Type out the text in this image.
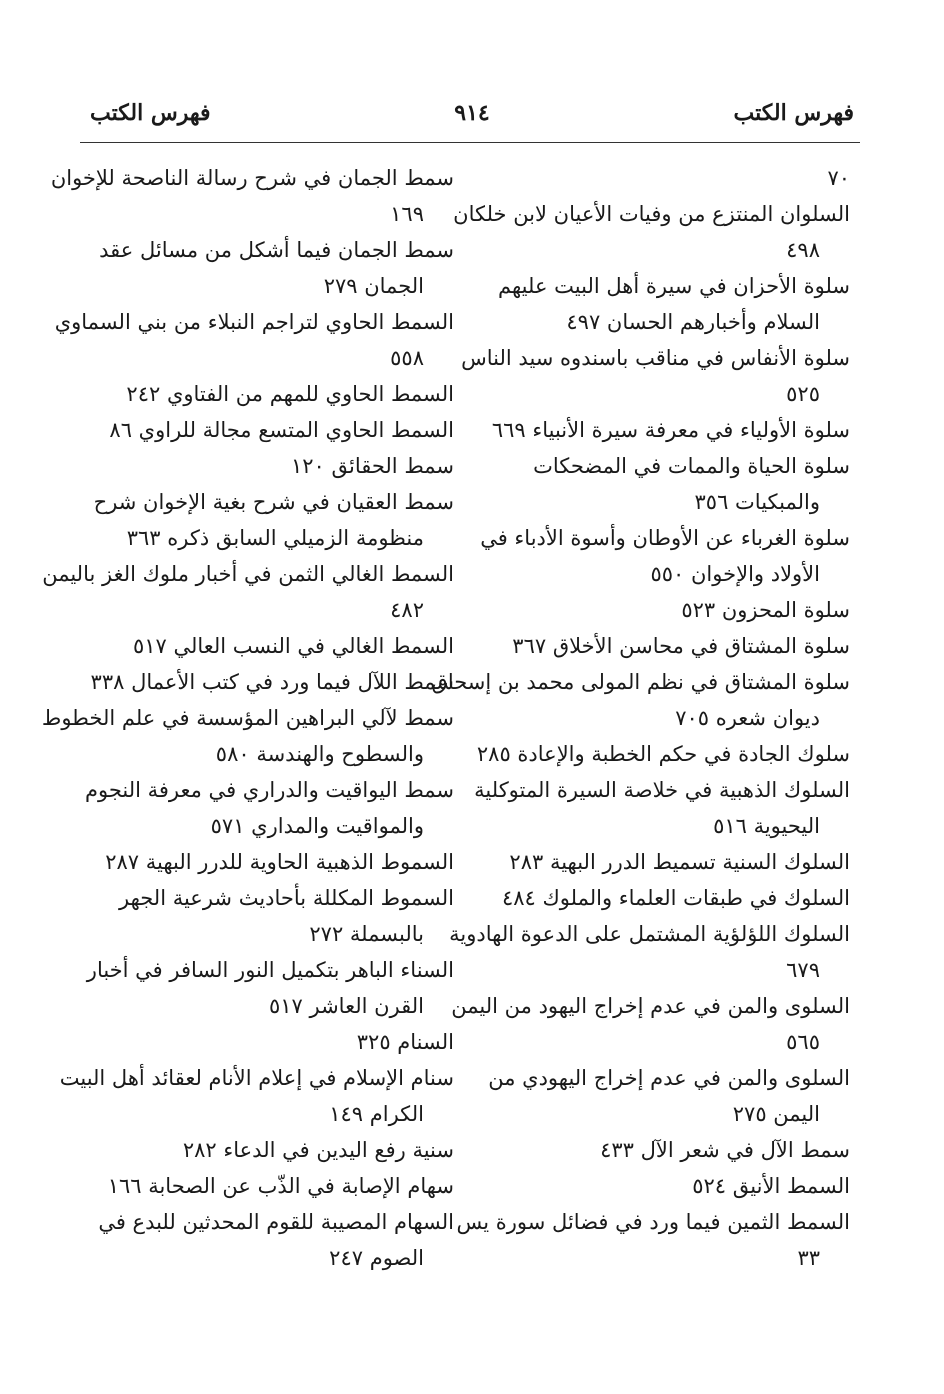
فهرس الكتب
٩١٤
فهرس الكتب
٧٠
السلوان المنتزع من وفيات الأعيان لابن خلكان
٤٩٨
سلوة الأحزان في سيرة أهل البيت عليهم
السلام وأخبارهم الحسان ٤٩٧
سلوة الأنفاس في مناقب باسندوه سيد الناس
٥٢٥
سلوة الأولياء في معرفة سيرة الأنبياء ٦٦٩
سلوة الحياة والممات في المضحكات
والمبكيات ٣٥٦
سلوة الغرباء عن الأوطان وأسوة الأدباء في
الأولاد والإخوان ٥٥٠
سلوة المحزون ٥٢٣
سلوة المشتاق في محاسن الأخلاق ٣٦٧
سلوة المشتاق في نظم المولى محمد بن إسحاق
ديوان شعره ٧٠٥
سلوك الجادة في حكم الخطبة والإعادة ٢٨٥
السلوك الذهبية في خلاصة السيرة المتوكلية
اليحيوية ٥١٦
السلوك السنية تسميط الدرر البهية ٢٨٣
السلوك في طبقات العلماء والملوك ٤٨٤
السلوك اللؤلؤية المشتمل على الدعوة الهادوية
٦٧٩
السلوى والمن في عدم إخراج اليهود من اليمن
٥٦٥
السلوى والمن في عدم إخراج اليهودي من
اليمن ٢٧٥
سمط الآل في شعر الآل ٤٣٣
السمط الأنيق ٥٢٤
السمط الثمين فيما ورد في فضائل سورة يس
٣٣
سمط الجمان في شرح رسالة الناصحة للإخوان
١٦٩
سمط الجمان فيما أشكل من مسائل عقد
الجمان ٢٧٩
السمط الحاوي لتراجم النبلاء من بني السماوي
٥٥٨
السمط الحاوي للمهم من الفتاوي ٢٤٢
السمط الحاوي المتسع مجالة للراوي ٨٦
سمط الحقائق ١٢٠
سمط العقيان في شرح بغية الإخوان شرح
منظومة الزميلي السابق ذكره ٣٦٣
السمط الغالي الثمن في أخبار ملوك الغز باليمن
٤٨٢
السمط الغالي في النسب العالي ٥١٧
سمط اللآل فيما ورد في كتب الأعمال ٣٣٨
سمط لآلي البراهين المؤسسة في علم الخطوط
والسطوح والهندسة ٥٨٠
سمط اليواقيت والدراري في معرفة النجوم
والمواقيت والمداري ٥٧١
السموط الذهبية الحاوية للدرر البهية ٢٨٧
السموط المكللة بأحاديث شرعية الجهر
بالبسملة ٢٧٢
السناء الباهر بتكميل النور السافر في أخبار
القرن العاشر ٥١٧
السنام ٣٢٥
سنام الإسلام في إعلام الأنام لعقائد أهل البيت
الكرام ١٤٩
سنية رفع اليدين في الدعاء ٢٨٢
سهام الإصابة في الذّب عن الصحابة ١٦٦
السهام المصيبة للقوم المحدثين للبدع في
الصوم ٢٤٧
